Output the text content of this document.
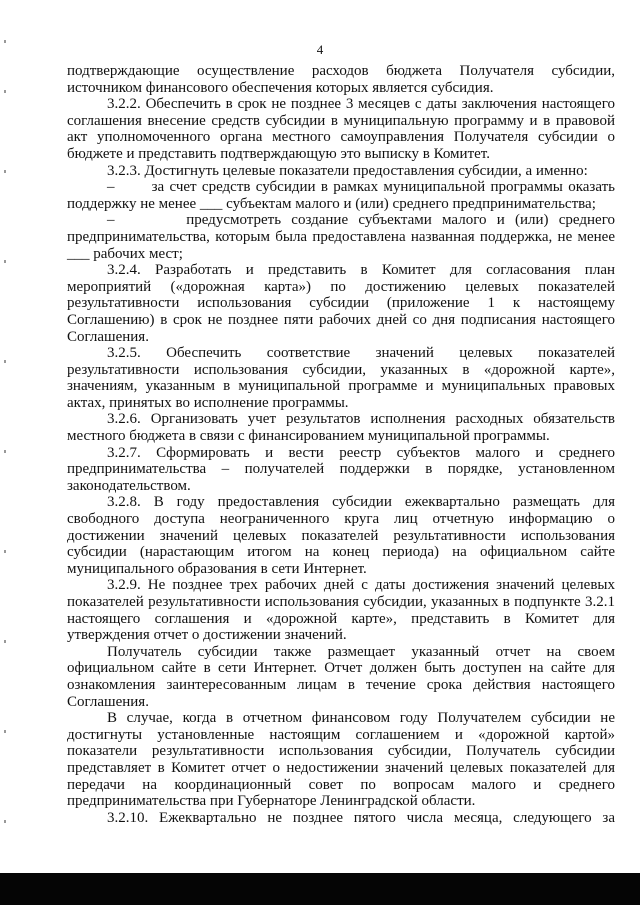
4

подтверждающие осуществление расходов бюджета Получателя субсидии, источником финансового обеспечения которых является субсидия.

3.2.2. Обеспечить в срок не позднее 3 месяцев с даты заключения настоящего соглашения внесение средств субсидии в муниципальную программу и в правовой акт уполномоченного органа местного самоуправления Получателя субсидии о бюджете и представить подтверждающую это выписку в Комитет.

3.2.3. Достигнуть целевые показатели предоставления субсидии, а именно:

–       за счет средств субсидии в рамках муниципальной программы оказать поддержку не менее ___ субъектам малого и (или) среднего предпринимательства;

–       предусмотреть создание субъектами малого и (или) среднего предпринимательства, которым была предоставлена названная поддержка, не менее ___ рабочих мест;

3.2.4. Разработать и представить в Комитет для согласования план мероприятий («дорожная карта») по достижению целевых показателей результативности использования субсидии (приложение 1 к настоящему Соглашению) в срок не позднее пяти рабочих дней со дня подписания настоящего Соглашения.

3.2.5. Обеспечить соответствие значений целевых показателей результативности использования субсидии, указанных в «дорожной карте», значениям, указанным в муниципальной программе и муниципальных правовых актах, принятых во исполнение программы.

3.2.6. Организовать учет результатов исполнения расходных обязательств местного бюджета в связи с финансированием муниципальной программы.

3.2.7. Сформировать и вести реестр субъектов малого и среднего предпринимательства – получателей поддержки в порядке, установленном законодательством.

3.2.8. В году предоставления субсидии ежеквартально размещать для свободного доступа неограниченного круга лиц отчетную информацию о достижении значений целевых показателей результативности использования субсидии (нарастающим итогом на конец периода) на официальном сайте муниципального образования в сети Интернет.

3.2.9. Не позднее трех рабочих дней с даты достижения значений целевых показателей результативности использования субсидии, указанных в подпункте 3.2.1 настоящего соглашения и «дорожной карте», представить в Комитет для утверждения отчет о достижении значений.

Получатель субсидии также размещает указанный отчет на своем официальном сайте в сети Интернет. Отчет должен быть доступен на сайте для ознакомления заинтересованным лицам в течение срока действия настоящего Соглашения.

В случае, когда в отчетном финансовом году Получателем субсидии не достигнуты установленные настоящим соглашением и «дорожной картой» показатели результативности использования субсидии, Получатель субсидии представляет в Комитет отчет о недостижении значений целевых показателей для передачи на координационный совет по вопросам малого и среднего предпринимательства при Губернаторе Ленинградской области.

3.2.10. Ежеквартально не позднее пятого числа месяца, следующего за
